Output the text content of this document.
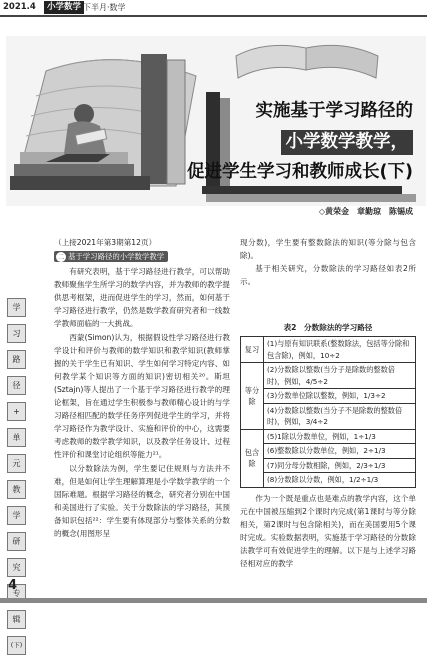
2021.4	小学数学 下半月·数学
实施基于学习路径的
小学数学教学，
促进学生学习和教师成长(下)
◇黄荣金　章勤琼　陈锡成
学
习
路
径
+
单
元
教
学
研
究
专
辑
(下)

（上接2021年第3期第12页）

二 基于学习路径的小学数学教学

有研究表明，基于学习路径进行教学，可以帮助教师聚焦学生所学习的数学内容，并为教师的教学提供思考框架，进而促进学生的学习，然而，如何基于学习路径进行教学，仍然是数学教育研究者和一线数学教师面临的一大挑战。

西蒙(Simon)认为，根据假设性学习路径进行教学设计和评价与教师的数学知识和教学知识(教师掌握的关于学生已有知识、学生如何学习特定内容、如何教学某个知识等方面的知识)密切相关²⁰。斯坦(Sztajn)等人提出了一个基于学习路径进行教学的理论框架，旨在通过学生积极参与教师精心设计的与学习路径相匹配的数学任务序列促进学生的学习，并将学习路径作为教学设计、实施和评价的中心，这需要考虑教师的数学教学知识，以及教学任务设计、过程性评价和课堂讨论组织等能力²¹。

以分数除法为例，学生要记住规则与方法并不难，但是如何让学生理解算理是小学数学教学的一个国际难题。根据学习路径的概念，研究者分别在中国和美国进行了实验。关于分数除法的学习路径，其预备知识包括²²：学生要有体现部分与整体关系的分数的概念(用图形呈

现分数)，学生要有整数除法的知识(等分除与包含除)。

基于相关研究，分数除法的学习路径如表2所示。

表2　分数除法的学习路径
复习	(1)与原有知识联系(整数除法，包括等分除和包含除)，例如，10÷2
等分除	(2)分数除以整数(当分子是除数的整数倍时)，例如，4/5÷2
	(3)分数单位除以整数，例如，1/3÷2
	(4)分数除以整数(当分子不是除数的整数倍时)，例如，3/4÷2
包含除	(5)1除以分数单位，例如，1÷1/3
	(6)整数除以分数单位，例如，2÷1/3
	(7)同分母分数相除，例如，2/3÷1/3
	(8)分数除以分数，例如，1/2÷1/3

作为一个既是重点也是难点的教学内容，这个单元在中国被压缩到2个课时内完成(第1课时与等分除相关，第2课时与包含除相关)，而在美国要用5个课时完成。实验数据表明，实施基于学习路径的分数除法教学可有效促进学生的理解。以下是与上述学习路径相对应的教学

4
